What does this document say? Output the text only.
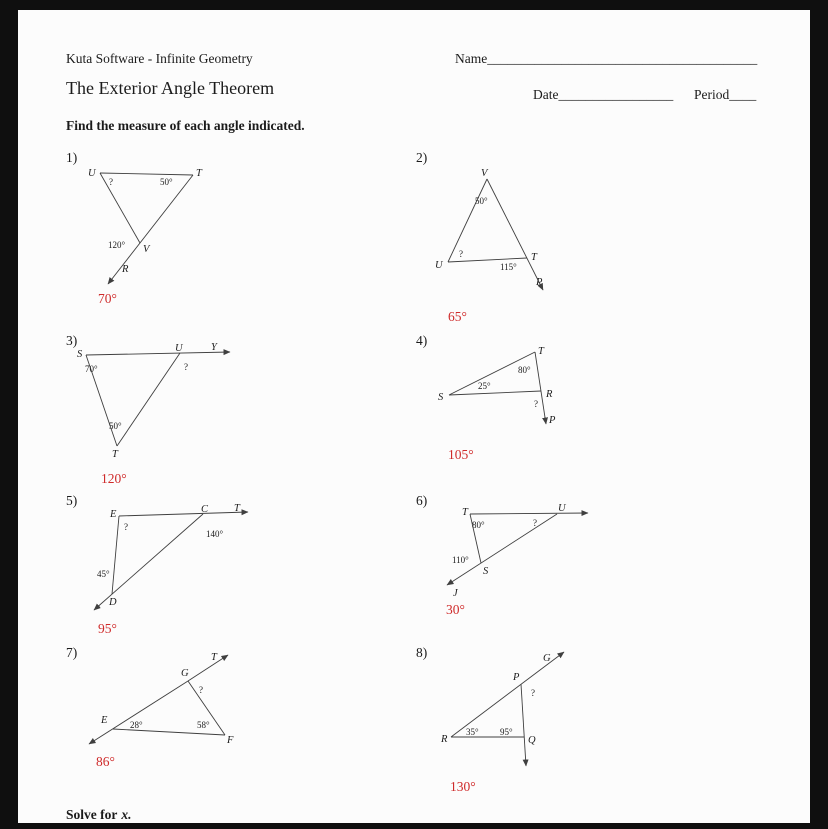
Kuta Software - Infinite Geometry	Name________________________________________
The Exterior Angle Theorem	Date_________________ Period____
Find the measure of each angle indicated.
1)
U	T
?	50°
120° V
R
70°
2)
V
50°
U
?	T
115°
P
65°
3)
S
70°
U	Y
?
50°
T
120°
4)
T
80°
S
25°
R
?
P
105°
5)
E
?
C T
140°
45°
D
95°
6)
T
80°
U
?
110°
S
J
30°
7)	T
G
?
E	28°	58°
F
86°
8)	G
P
?
R
35° 95°
Q
130°
Solve for x.
